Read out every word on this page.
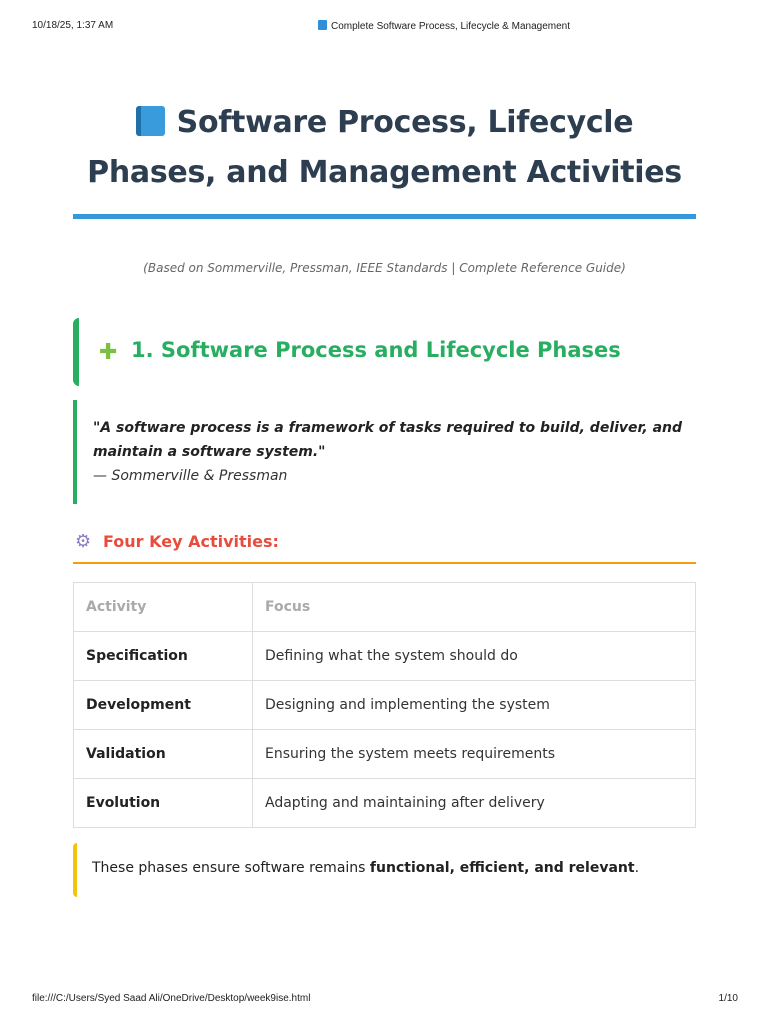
10/18/25, 1:37 AM	Complete Software Process, Lifecycle & Management
Software Process, Lifecycle Phases, and Management Activities
(Based on Sommerville, Pressman, IEEE Standards | Complete Reference Guide)
✚ 1. Software Process and Lifecycle Phases
"A software process is a framework of tasks required to build, deliver, and maintain a software system."
— Sommerville & Pressman
⚙ Four Key Activities:
Activity	Focus
Specification	Defining what the system should do
Development	Designing and implementing the system
Validation	Ensuring the system meets requirements
Evolution	Adapting and maintaining after delivery
These phases ensure software remains functional, efficient, and relevant.
file:///C:/Users/Syed Saad Ali/OneDrive/Desktop/week9ise.html	1/10
